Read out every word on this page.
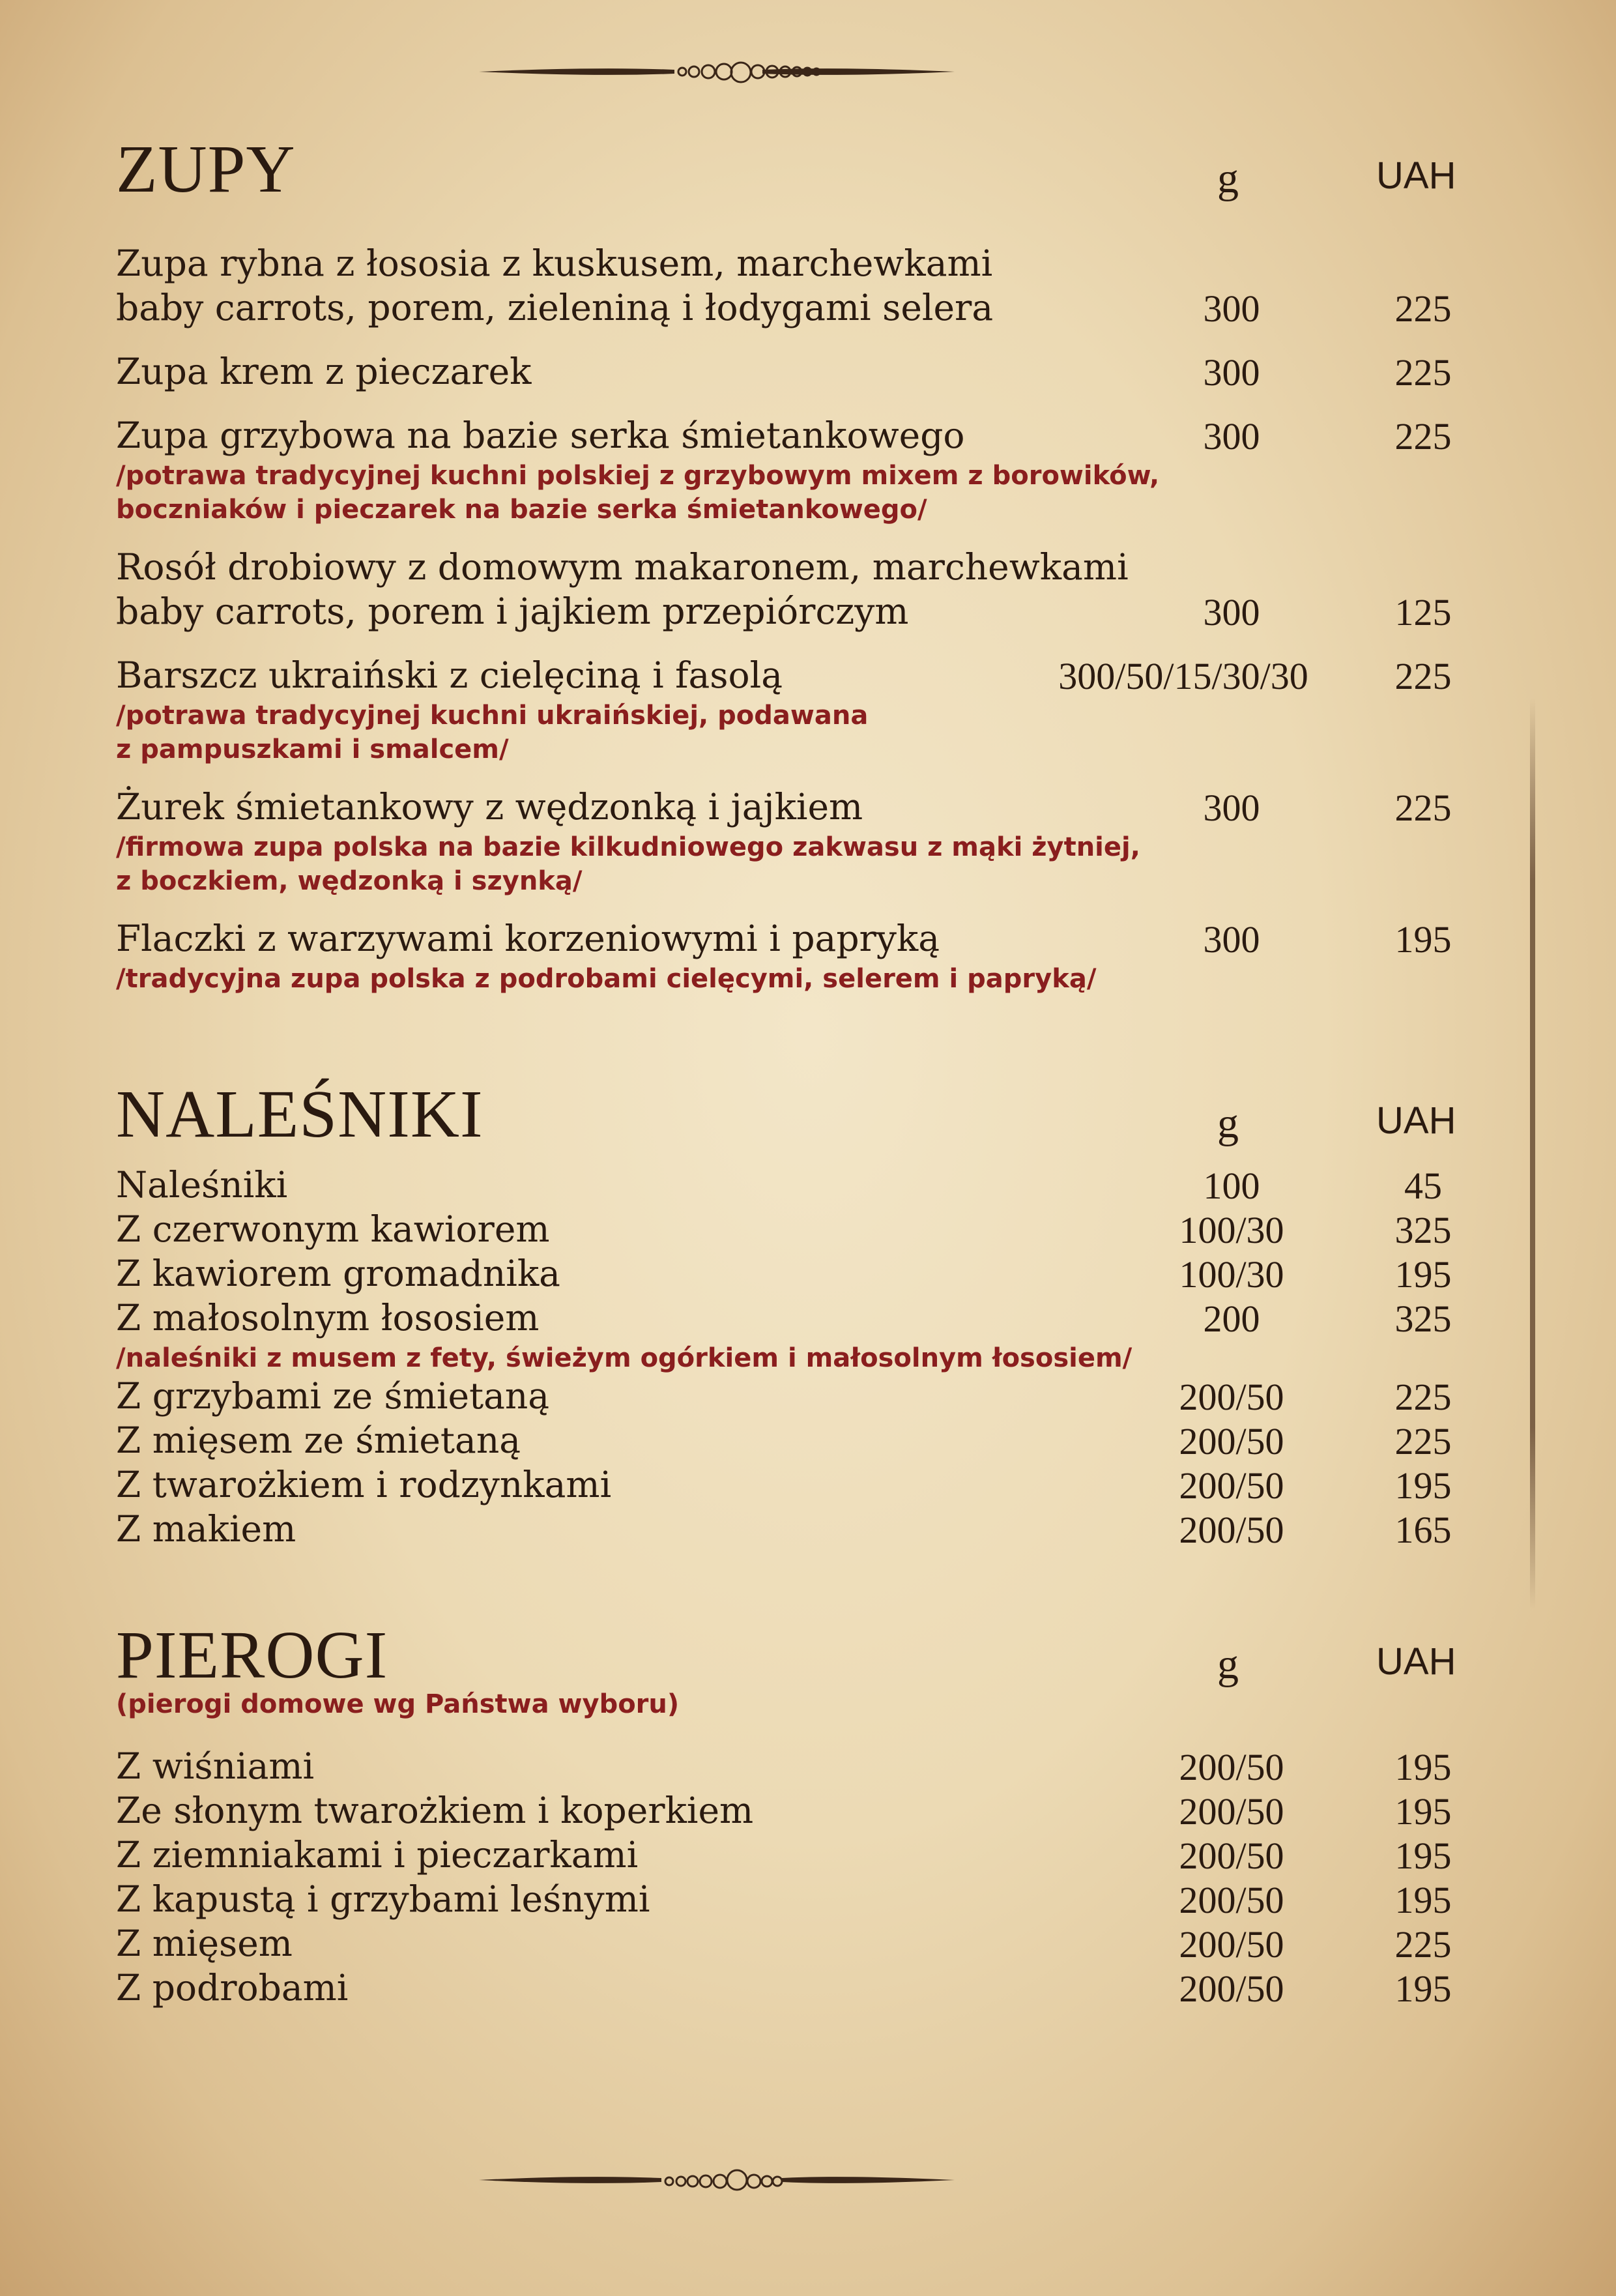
ZUPY	g	UAH
Zupa rybna z łososia z kuskusem, marchewkami
baby carrots, porem, zieleniną i łodygami selera	300	225
Zupa krem z pieczarek	300	225
Zupa grzybowa na bazie serka śmietankowego	300	225
/potrawa tradycyjnej kuchni polskiej z grzybowym mixem z borowików,
boczniaków i pieczarek na bazie serka śmietankowego/
Rosół drobiowy z domowym makaronem, marchewkami
baby carrots, porem i jajkiem przepiórczym	300	125
Barszcz ukraiński z cielęciną i fasolą	300/50/15/30/30 225
/potrawa tradycyjnej kuchni ukraińskiej, podawana
z pampuszkami i smalcem/
Żurek śmietankowy z wędzonką i jajkiem	300	225
/firmowa zupa polska na bazie kilkudniowego zakwasu z mąki żytniej,
z boczkiem, wędzonką i szynką/
Flaczki z warzywami korzeniowymi i papryką	300	195
/tradycyjna zupa polska z podrobami cielęcymi, selerem i papryką/
NALEŚNIKI	g	UAH
Naleśniki	100	45
Z czerwonym kawiorem	100/30	325
Z kawiorem gromadnika	100/30	195
Z małosolnym łososiem	200	325
/naleśniki z musem z fety, świeżym ogórkiem i małosolnym łososiem/
Z grzybami ze śmietaną	200/50	225
Z mięsem ze śmietaną	200/50	225
Z twarożkiem i rodzynkami	200/50	195
Z makiem	200/50	165
PIEROGI	g	UAH
(pierogi domowe wg Państwa wyboru)
Z wiśniami	200/50	195
Ze słonym twarożkiem i koperkiem	200/50	195
Z ziemniakami i pieczarkami	200/50	195
Z kapustą i grzybami leśnymi	200/50	195
Z mięsem	200/50	225
Z podrobami	200/50	195
